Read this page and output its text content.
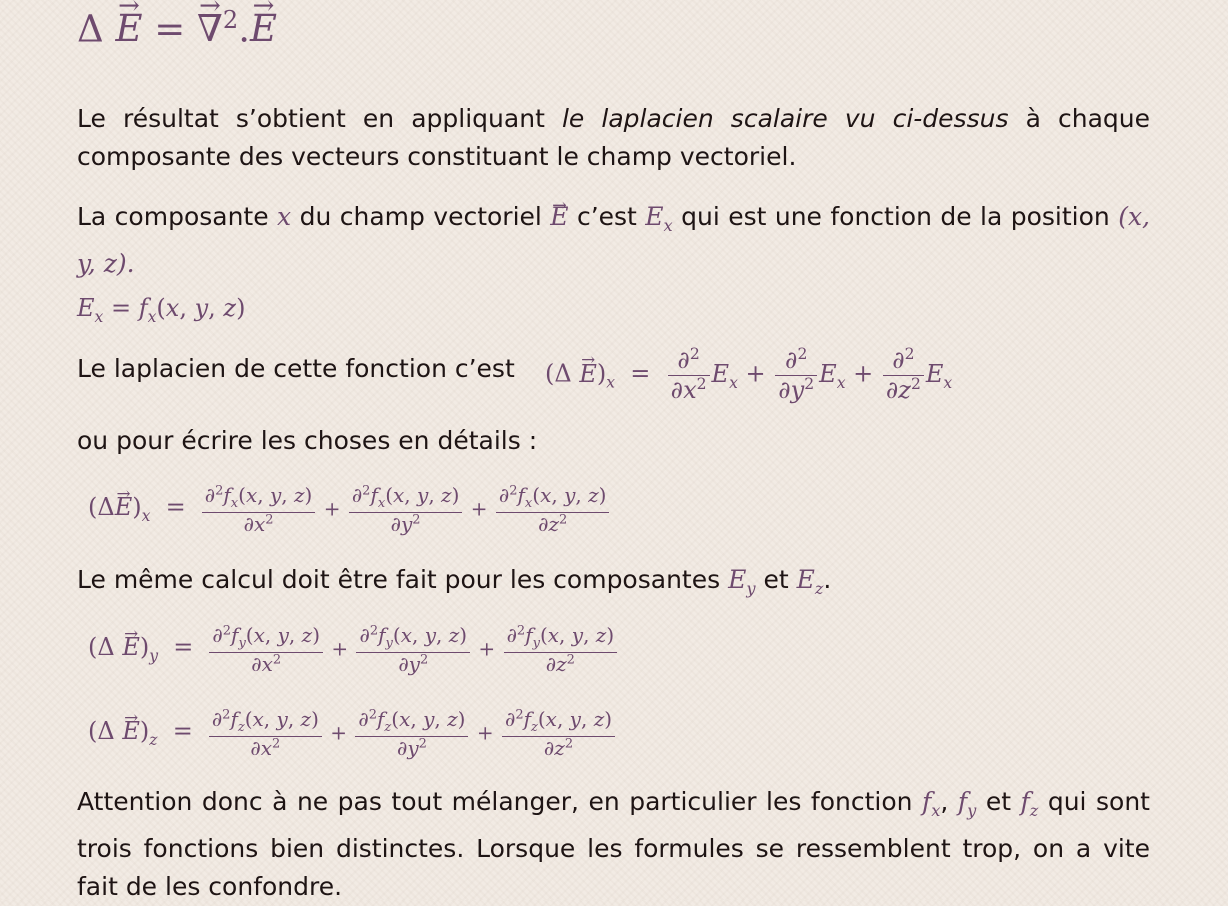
Δ → E = → ∇$^2$.→ E
Le résultat s’obtient en appliquant le laplacien scalaire vu ci-dessus à chaque composante des vecteurs constituant le champ vectoriel.
La composante x du champ vectoriel → E c’est $E_x$ qui est une fonction de la position (x, y, z).
$E_x = f_x(x$, y, z)
Le laplacien de cette fonction c’est $(\Delta \to E)_x = \frac{\partial^2}{\partial x^2} E_x + \frac{\partial^2}{\partial y^2} E_x + \frac{\partial^2}{\partial z^2} E_x$
ou pour écrire les choses en détails :
$(\Delta\to E)_x = \frac{\partial^2f_x(x, y, z)}{\partial x^2} + \frac{\partial^2f_x(x, y, z)}{\partial y^2} + \frac{\partial^2f_x(x, y, z)}{\partial z^2}$
Le même calcul doit être fait pour les composantes $E_y$ et $E_z$.
$(\Delta \to E)_y = \frac{\partial^2f_y(x, y, z)}{\partial x^2} + \frac{\partial^2f_y(x, y, z)}{\partial y^2} + \frac{\partial^2f_y(x, y, z)}{\partial z^2}$
$(\Delta \to E)_z = \frac{\partial^2f_z(x, y, z)}{\partial x^2} + \frac{\partial^2f_z(x, y, z)}{\partial y^2} + \frac{\partial^2f_z(x, y, z)}{\partial z^2}$
Attention donc à ne pas tout mélanger, en particulier les fonction $f_x$, $f_y$ et $f_z$ qui sont trois fonctions bien distinctes. Lorsque les formules se ressemblent trop, on a vite fait de les confondre.
